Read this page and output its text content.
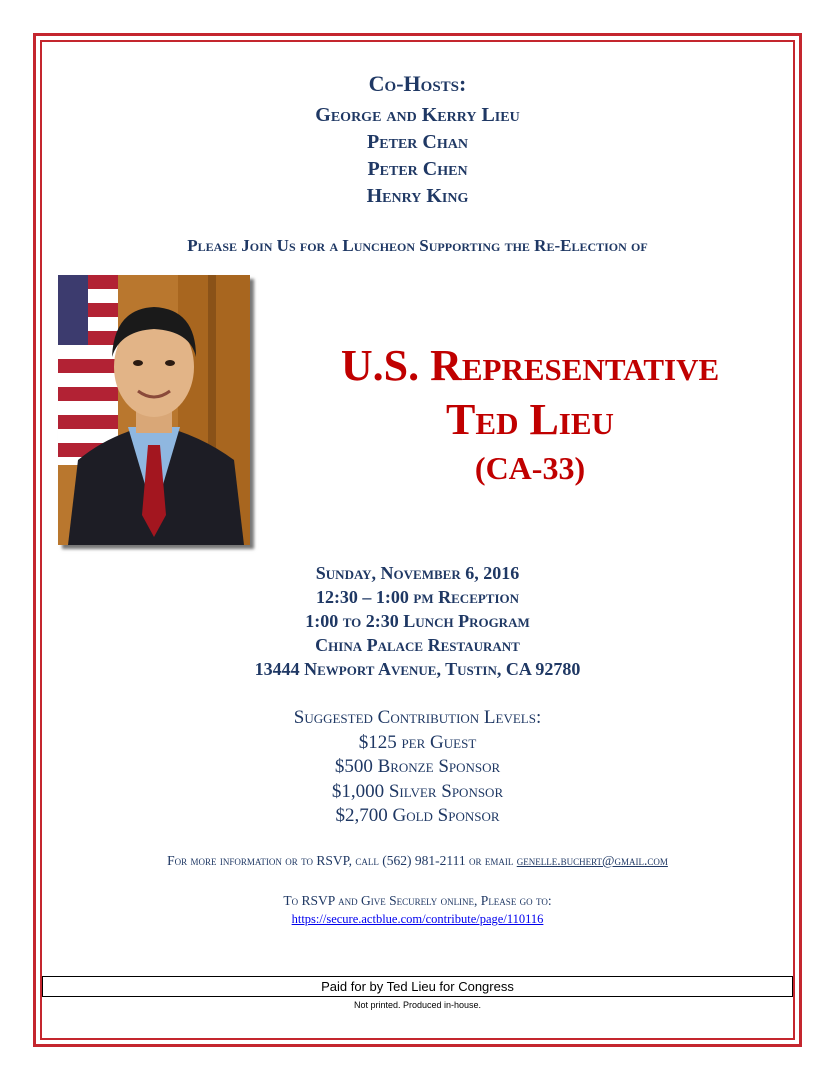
Co-Hosts:
George and Kerry Lieu
Peter Chan
Peter Chen
Henry King
Please Join Us for a Luncheon Supporting the Re-Election of
U.S. Representative
Ted Lieu
(CA-33)
Sunday, November 6, 2016
12:30 – 1:00 pm Reception
1:00 to 2:30 Lunch Program
China Palace Restaurant
13444 Newport Avenue, Tustin, CA 92780
Suggested Contribution Levels:
$125 per Guest
$500 Bronze Sponsor
$1,000 Silver Sponsor
$2,700 Gold Sponsor
For more information or to RSVP, call (562) 981-2111 or email genelle.buchert@gmail.com
To RSVP and Give Securely online, Please go to:
https://secure.actblue.com/contribute/page/110116
Paid for by Ted Lieu for Congress
Not printed. Produced in-house.
